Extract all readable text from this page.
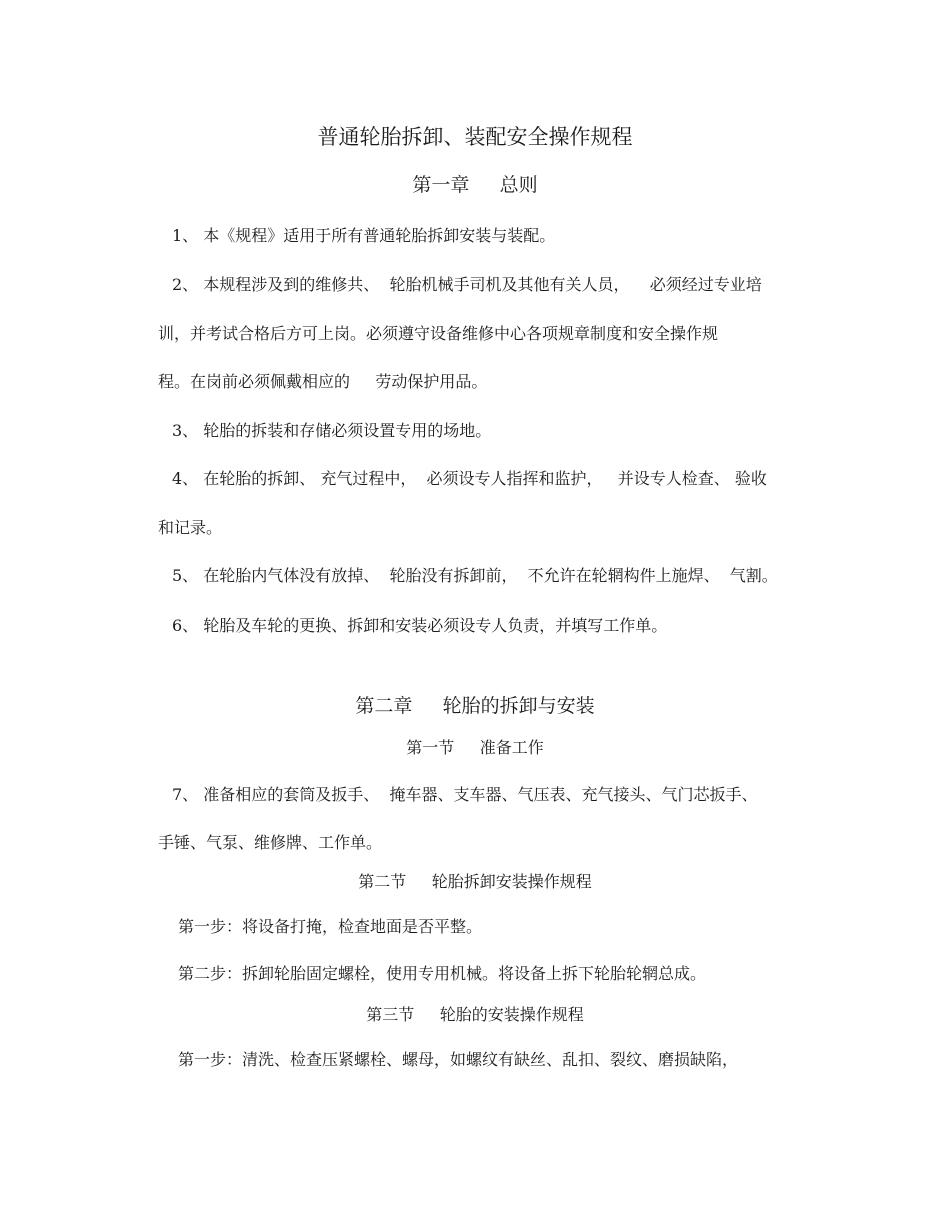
普通轮胎拆卸、装配安全操作规程
第一章     总则
1、 本《规程》适用于所有普通轮胎拆卸安装与装配。
2、 本规程涉及到的维修共、  轮胎机械手司机及其他有关人员，    必须经过专业培
训，并考试合格后方可上岗。必须遵守设备维修中心各项规章制度和安全操作规
程。在岗前必须佩戴相应的     劳动保护用品。
3、 轮胎的拆装和存储必须设置专用的场地。
4、 在轮胎的拆卸、 充气过程中，  必须设专人指挥和监护，   并设专人检查、 验收
和记录。
5、 在轮胎内气体没有放掉、  轮胎没有拆卸前，  不允许在轮辋构件上施焊、  气割。
6、 轮胎及车轮的更换、拆卸和安装必须设专人负责，并填写工作单。
第二章     轮胎的拆卸与安装
第一节     准备工作
7、 准备相应的套筒及扳手、  掩车器、支车器、气压表、充气接头、气门芯扳手、
手锤、气泵、维修牌、工作单。
第二节     轮胎拆卸安装操作规程
第一步：将设备打掩，检查地面是否平整。
第二步：拆卸轮胎固定螺栓，使用专用机械。将设备上拆下轮胎轮辋总成。
第三节     轮胎的安装操作规程
第一步：清洗、检查压紧螺栓、螺母，如螺纹有缺丝、乱扣、裂纹、磨损缺陷，
